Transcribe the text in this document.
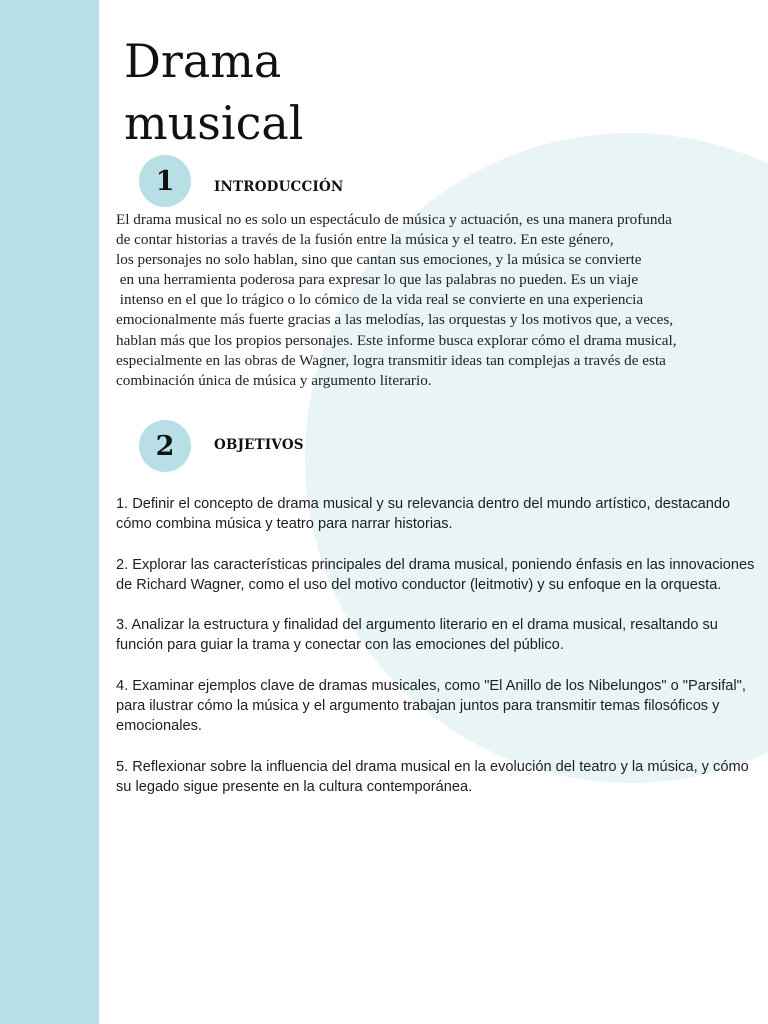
Drama musical
1	INTRODUCCIÓN

El drama musical no es solo un espectáculo de música y actuación, es una manera profunda
de contar historias a través de la fusión entre la música y el teatro. En este género,
los personajes no solo hablan, sino que cantan sus emociones, y la música se convierte
en una herramienta poderosa para expresar lo que las palabras no pueden. Es un viaje
intenso en el que lo trágico o lo cómico de la vida real se convierte en una experiencia
emocionalmente más fuerte gracias a las melodías, las orquestas y los motivos que, a veces,
hablan más que los propios personajes. Este informe busca explorar cómo el drama musical,
especialmente en las obras de Wagner, logra transmitir ideas tan complejas a través de esta
combinación única de música y argumento literario.

2	OBJETIVOS
1. Definir el concepto de drama musical y su relevancia dentro del mundo artístico, destacando cómo combina música y teatro para narrar historias.
2. Explorar las características principales del drama musical, poniendo énfasis en las innovaciones de Richard Wagner, como el uso del motivo conductor (leitmotiv) y su enfoque en la orquesta.
3. Analizar la estructura y finalidad del argumento literario en el drama musical, resaltando su función para guiar la trama y conectar con las emociones del público.
4. Examinar ejemplos clave de dramas musicales, como "El Anillo de los Nibelungos" o "Parsifal", para ilustrar cómo la música y el argumento trabajan juntos para transmitir temas filosóficos y emocionales.
5. Reflexionar sobre la influencia del drama musical en la evolución del teatro y la música, y cómo su legado sigue presente en la cultura contemporánea.
